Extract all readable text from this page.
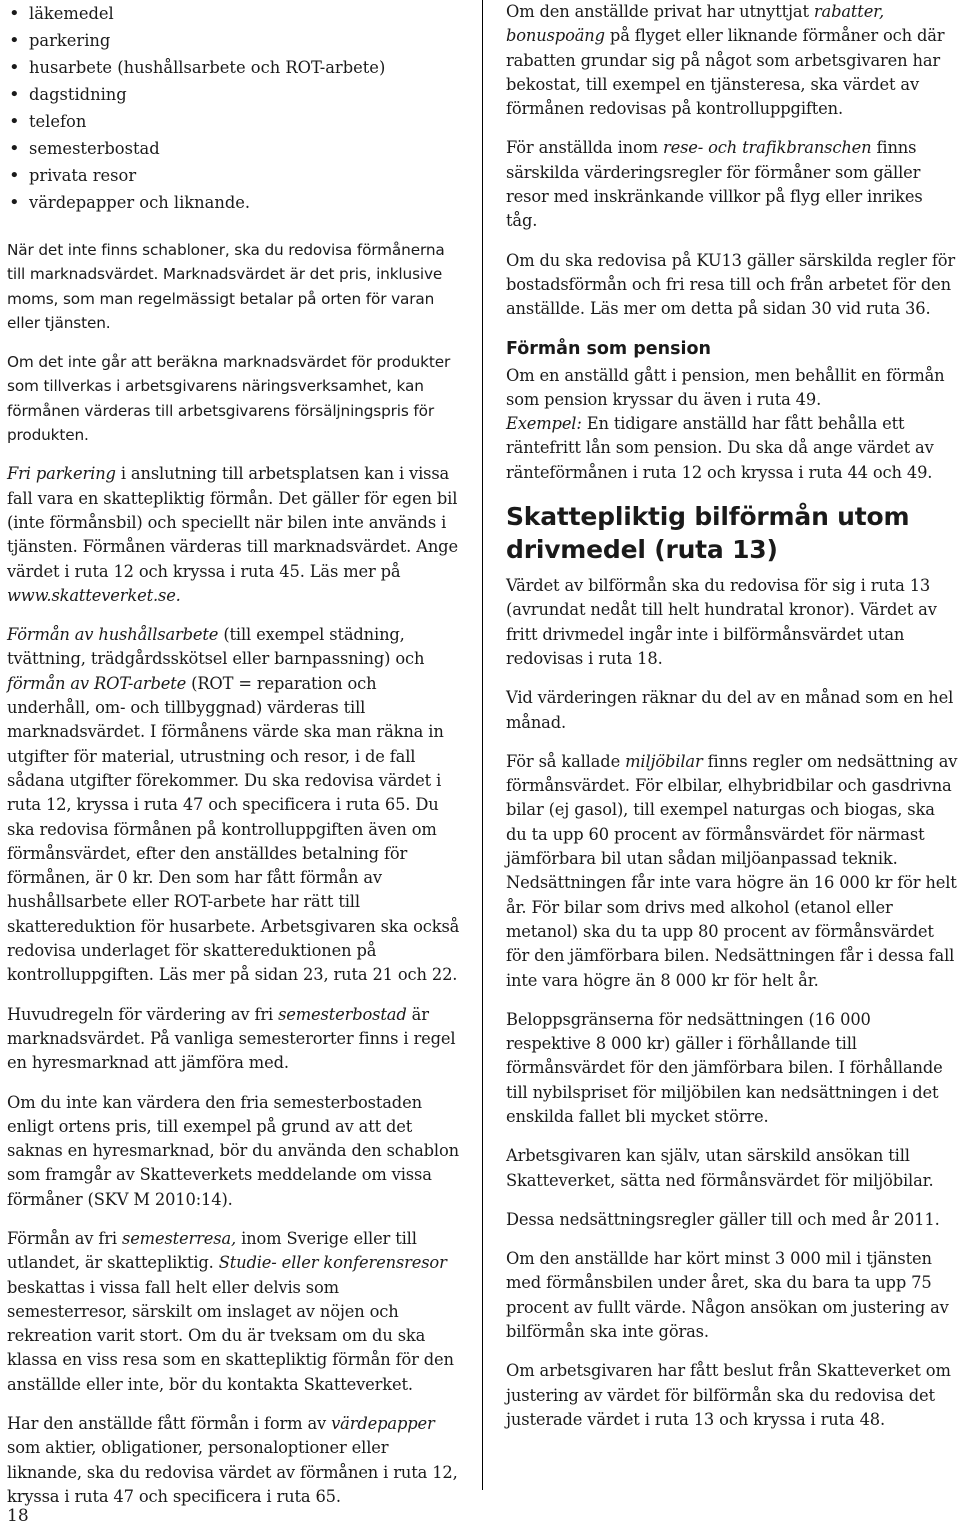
• läkemedel
• parkering
• husarbete (hushållsarbete och ROT-arbete)
• dagstidning
• telefon
• semesterbostad
• privata resor
• värdepapper och liknande.

När det inte finns schabloner, ska du redovisa förmånerna till marknadsvärdet. Marknadsvärdet är det pris, inklusive moms, som man regelmässigt betalar på orten för varan eller tjänsten.

Om det inte går att beräkna marknadsvärdet för produkter som tillverkas i arbetsgivarens näringsverksamhet, kan förmånen värderas till arbetsgivarens försäljningspris för produkten.

Fri parkering i anslutning till arbetsplatsen kan i vissa fall vara en skattepliktig förmån. Det gäller för egen bil (inte förmånsbil) och speciellt när bilen inte används i tjänsten. Förmånen värderas till marknadsvärdet. Ange värdet i ruta 12 och kryssa i ruta 45. Läs mer på www.skatteverket.se.

Förmån av hushållsarbete (till exempel städning, tvättning, trädgårdsskötsel eller barnpassning) och förmån av ROT-arbete (ROT = reparation och underhåll, om- och tillbyggnad) värderas till marknadsvärdet. I förmånens värde ska man räkna in utgifter för material, utrustning och resor, i de fall sådana utgifter förekommer. Du ska redovisa värdet i ruta 12, kryssa i ruta 47 och specificera i ruta 65. Du ska redovisa förmånen på kontrolluppgiften även om förmånsvärdet, efter den anställdes betalning för förmånen, är 0 kr. Den som har fått förmån av hushållsarbete eller ROT-arbete har rätt till skattereduktion för husarbete. Arbetsgivaren ska också redovisa underlaget för skattereduktionen på kontrolluppgiften. Läs mer på sidan 23, ruta 21 och 22.

Huvudregeln för värdering av fri semesterbostad är marknadsvärdet. På vanliga semesterorter finns i regel en hyresmarknad att jämföra med.

Om du inte kan värdera den fria semesterbostaden enligt ortens pris, till exempel på grund av att det saknas en hyresmarknad, bör du använda den schablon som framgår av Skatteverkets meddelande om vissa förmåner (SKV M 2010:14).

Förmån av fri semesterresa, inom Sverige eller till utlandet, är skattepliktig. Studie- eller konferensresor beskattas i vissa fall helt eller delvis som semesterresor, särskilt om inslaget av nöjen och rekreation varit stort. Om du är tveksam om du ska klassa en viss resa som en skattepliktig förmån för den anställde eller inte, bör du kontakta Skatteverket.

Har den anställde fått förmån i form av värdepapper som aktier, obligationer, personaloptioner eller liknande, ska du redovisa värdet av förmånen i ruta 12, kryssa i ruta 47 och specificera i ruta 65.

Om den anställde privat har utnyttjat rabatter, bonuspoäng på flyget eller liknande förmåner och där rabatten grundar sig på något som arbetsgivaren har bekostat, till exempel en tjänsteresa, ska värdet av förmånen redovisas på kontrolluppgiften.

För anställda inom rese- och trafikbranschen finns särskilda värderingsregler för förmåner som gäller resor med inskränkande villkor på flyg eller inrikes tåg.

Om du ska redovisa på KU13 gäller särskilda regler för bostadsförmån och fri resa till och från arbetet för den anställde. Läs mer om detta på sidan 30 vid ruta 36.

Förmån som pension

Om en anställd gått i pension, men behållit en förmån som pension kryssar du även i ruta 49.

Exempel: En tidigare anställd har fått behålla ett räntefritt lån som pension. Du ska då ange värdet av ränteförmånen i ruta 12 och kryssa i ruta 44 och 49.

Skattepliktig bilförmån utom drivmedel (ruta 13)

Värdet av bilförmån ska du redovisa för sig i ruta 13 (avrundat nedåt till helt hundratal kronor). Värdet av fritt drivmedel ingår inte i bilförmånsvärdet utan redovisas i ruta 18.

Vid värderingen räknar du del av en månad som en hel månad.

För så kallade miljöbilar finns regler om nedsättning av förmånsvärdet. För elbilar, elhybridbilar och gasdrivna bilar (ej gasol), till exempel naturgas och biogas, ska du ta upp 60 procent av förmånsvärdet för närmast jämförbara bil utan sådan miljöanpassad teknik. Nedsättningen får inte vara högre än 16 000 kr för helt år. För bilar som drivs med alkohol (etanol eller metanol) ska du ta upp 80 procent av förmånsvärdet för den jämförbara bilen. Nedsättningen får i dessa fall inte vara högre än 8 000 kr för helt år.

Beloppsgränserna för nedsättningen (16 000 respektive 8 000 kr) gäller i förhållande till förmånsvärdet för den jämförbara bilen. I förhållande till nybilspriset för miljöbilen kan nedsättningen i det enskilda fallet bli mycket större.

Arbetsgivaren kan själv, utan särskild ansökan till Skatteverket, sätta ned förmånsvärdet för miljöbilar.

Dessa nedsättningsregler gäller till och med år 2011.

Om den anställde har kört minst 3 000 mil i tjänsten med förmånsbilen under året, ska du bara ta upp 75 procent av fullt värde. Någon ansökan om justering av bilförmån ska inte göras.

Om arbetsgivaren har fått beslut från Skatteverket om justering av värdet för bilförmån ska du redovisa det justerade värdet i ruta 13 och kryssa i ruta 48.

18
